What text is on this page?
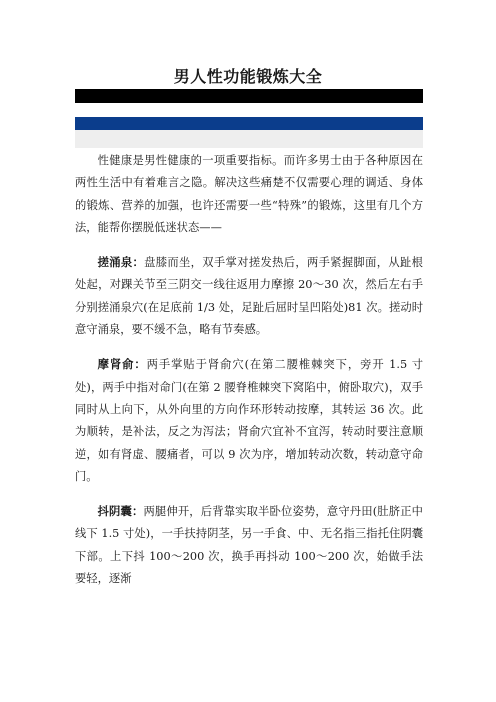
男人性功能锻炼大全

性健康是男性健康的一项重要指标。而许多男士由于各种原因在两性生活中有着难言之隐。解决这些痛楚不仅需要心理的调适、身体的锻炼、营养的加强，也许还需要一些“特殊”的锻炼，这里有几个方法，能帮你摆脱低迷状态——

搓涌泉：盘膝而坐，双手掌对搓发热后，两手紧握脚面，从趾根处起，对踝关节至三阴交一线往返用力摩擦 20～30 次，然后左右手分别搓涌泉穴(在足底前 1/3 处，足趾后屈时呈凹陷处)81 次。搓动时意守涌泉，要不缓不急，略有节奏感。

摩肾俞：两手掌贴于肾俞穴(在第二腰椎棘突下，旁开 1.5 寸处)，两手中指对命门(在第 2 腰脊椎棘突下窝陷中，俯卧取穴)，双手同时从上向下，从外向里的方向作环形转动按摩，其转运 36 次。此为顺转，是补法，反之为泻法；肾俞穴宜补不宜泻，转动时要注意顺逆，如有肾虚、腰痛者，可以 9 次为序，增加转动次数，转动意守命门。

抖阴囊：两腿伸开，后背靠实取半卧位姿势，意守丹田(肚脐正中线下 1.5 寸处)，一手扶持阴茎，另一手食、中、无名指三指托住阴囊下部。上下抖 100～200 次，换手再抖动 100～200 次，始做手法要轻，逐渐
